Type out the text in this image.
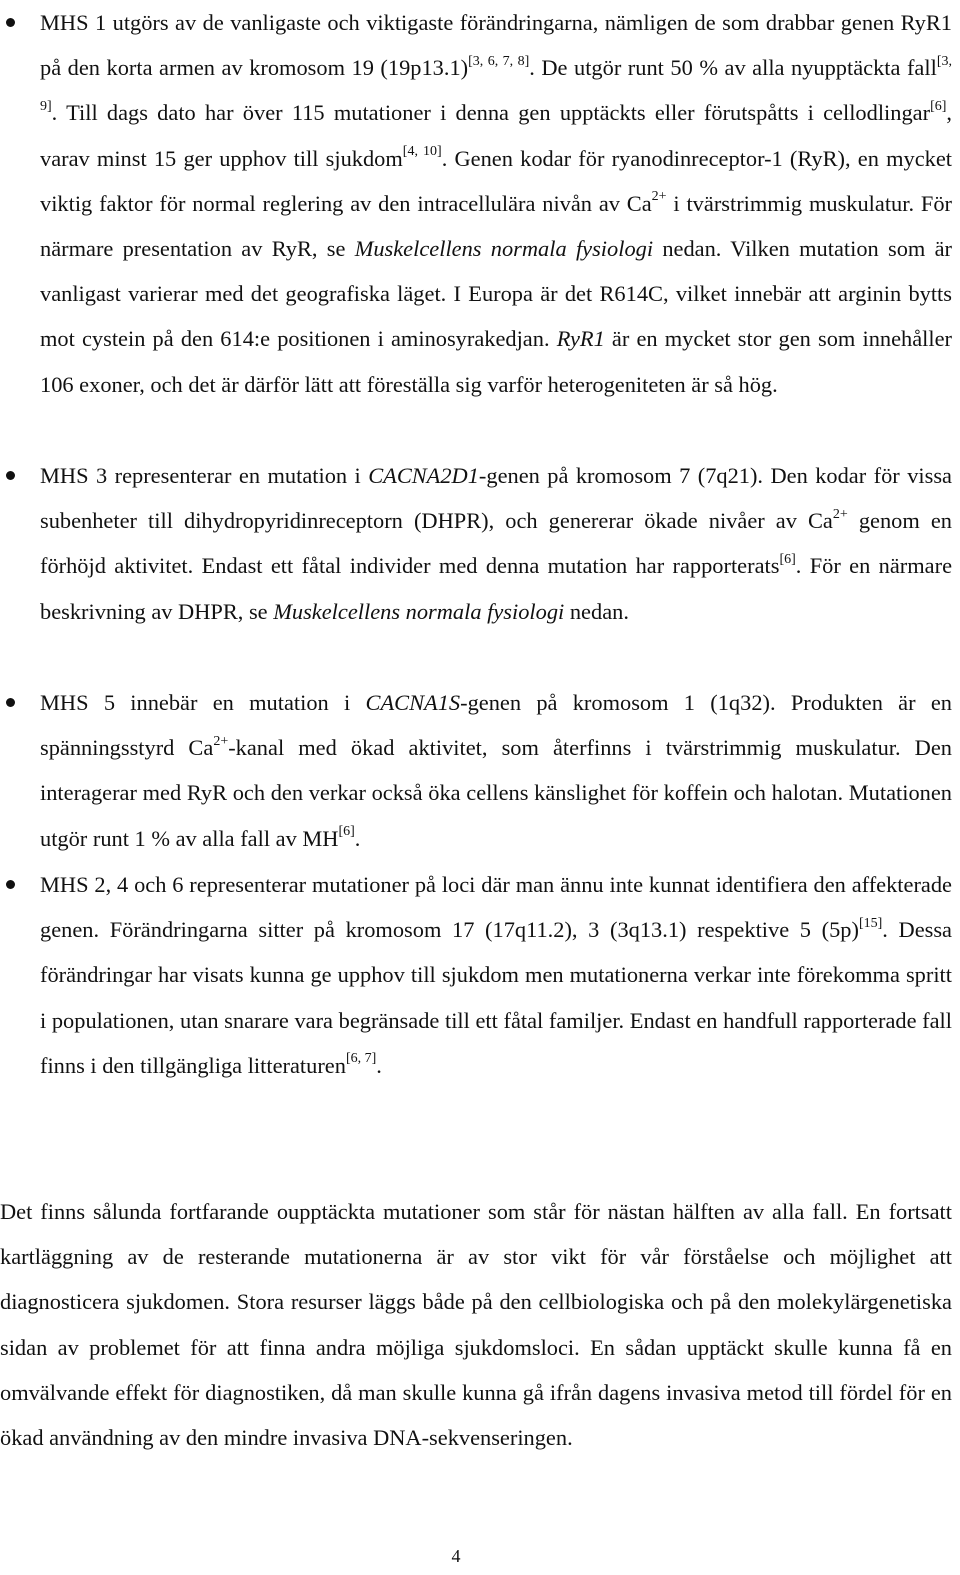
MHS 1 utgörs av de vanligaste och viktigaste förändringarna, nämligen de som drabbar genen RyR1 på den korta armen av kromosom 19 (19p13.1)[3, 6, 7, 8]. De utgör runt 50 % av alla nyupptäckta fall[3, 9]. Till dags dato har över 115 mutationer i denna gen upptäckts eller förutspåtts i cellodlingar[6], varav minst 15 ger upphov till sjukdom[4, 10]. Genen kodar för ryanodinreceptor-1 (RyR), en mycket viktig faktor för normal reglering av den intracellulära nivån av $Ca^{2+}$ i tvärstrimmig muskulatur. För närmare presentation av RyR, se Muskelcellens normala fysiologi nedan. Vilken mutation som är vanligast varierar med det geografiska läget. I Europa är det R614C, vilket innebär att arginin bytts mot cystein på den 614:e positionen i aminosyrakedjan. RyR1 är en mycket stor gen som innehåller 106 exoner, och det är därför lätt att föreställa sig varför heterogeniteten är så hög.
MHS 3 representerar en mutation i CACNA2D1-genen på kromosom 7 (7q21). Den kodar för vissa subenheter till dihydropyridinreceptorn (DHPR), och genererar ökade nivåer av $Ca^{2+}$ genom en förhöjd aktivitet. Endast ett fåtal individer med denna mutation har rapporterats[6]. För en närmare beskrivning av DHPR, se Muskelcellens normala fysiologi nedan.
MHS 5 innebär en mutation i CACNA1S-genen på kromosom 1 (1q32). Produkten är en spänningsstyrd $Ca^{2+}$-kanal med ökad aktivitet, som återfinns i tvärstrimmig muskulatur. Den interagerar med RyR och den verkar också öka cellens känslighet för koffein och halotan. Mutationen utgör runt 1 % av alla fall av MH[6].
MHS 2, 4 och 6 representerar mutationer på loci där man ännu inte kunnat identifiera den affekterade genen. Förändringarna sitter på kromosom 17 (17q11.2), 3 (3q13.1) respektive 5 (5p)[15]. Dessa förändringar har visats kunna ge upphov till sjukdom men mutationerna verkar inte förekomma spritt i populationen, utan snarare vara begränsade till ett fåtal familjer. Endast en handfull rapporterade fall finns i den tillgängliga litteraturen[6, 7].

Det finns sålunda fortfarande oupptäckta mutationer som står för nästan hälften av alla fall. En fortsatt kartläggning av de resterande mutationerna är av stor vikt för vår förståelse och möjlighet att diagnosticera sjukdomen. Stora resurser läggs både på den cellbiologiska och på den molekylärgenetiska sidan av problemet för att finna andra möjliga sjukdomsloci. En sådan upptäckt skulle kunna få en omvälvande effekt för diagnostiken, då man skulle kunna gå ifrån dagens invasiva metod till fördel för en ökad användning av den mindre invasiva DNA-sekvenseringen.

4
